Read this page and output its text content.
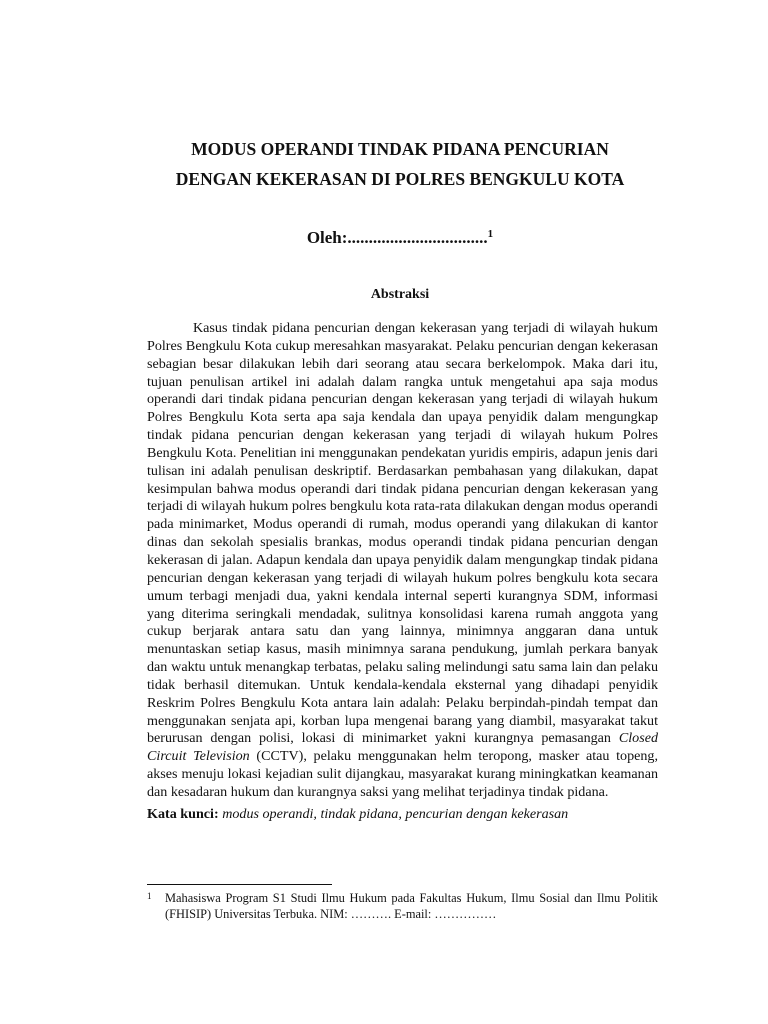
MODUS OPERANDI TINDAK PIDANA PENCURIAN
DENGAN KEKERASAN DI POLRES BENGKULU KOTA
Oleh:.................................$^1$
Abstraksi

Kasus tindak pidana pencurian dengan kekerasan yang terjadi di wilayah hukum Polres Bengkulu Kota cukup meresahkan masyarakat. Pelaku pencurian dengan kekerasan sebagian besar dilakukan lebih dari seorang atau secara berkelompok. Maka dari itu, tujuan penulisan artikel ini adalah dalam rangka untuk mengetahui apa saja modus operandi dari tindak pidana pencurian dengan kekerasan yang terjadi di wilayah hukum Polres Bengkulu Kota serta apa saja kendala dan upaya penyidik dalam mengungkap tindak pidana pencurian dengan kekerasan yang terjadi di wilayah hukum Polres Bengkulu Kota. Penelitian ini menggunakan pendekatan yuridis empiris, adapun jenis dari tulisan ini adalah penulisan deskriptif. Berdasarkan pembahasan yang dilakukan, dapat kesimpulan bahwa modus operandi dari tindak pidana pencurian dengan kekerasan yang terjadi di wilayah hukum polres bengkulu kota rata-rata dilakukan dengan modus operandi pada minimarket, Modus operandi di rumah, modus operandi yang dilakukan di kantor dinas dan sekolah spesialis brankas, modus operandi tindak pidana pencurian dengan kekerasan di jalan. Adapun kendala dan upaya penyidik dalam mengungkap tindak pidana pencurian dengan kekerasan yang terjadi di wilayah hukum polres bengkulu kota secara umum terbagi menjadi dua, yakni kendala internal seperti kurangnya SDM, informasi yang diterima seringkali mendadak, sulitnya konsolidasi karena rumah anggota yang cukup berjarak antara satu dan yang lainnya, minimnya anggaran dana untuk menuntaskan setiap kasus, masih minimnya sarana pendukung, jumlah perkara banyak dan waktu untuk menangkap terbatas, pelaku saling melindungi satu sama lain dan pelaku tidak berhasil ditemukan. Untuk kendala-kendala eksternal yang dihadapi penyidik Reskrim Polres Bengkulu Kota antara lain adalah: Pelaku berpindah-pindah tempat dan menggunakan senjata api, korban lupa mengenai barang yang diambil, masyarakat takut berurusan dengan polisi, lokasi di minimarket yakni kurangnya pemasangan Closed Circuit Television (CCTV), pelaku menggunakan helm teropong, masker atau topeng, akses menuju lokasi kejadian sulit dijangkau, masyarakat kurang miningkatkan keamanan dan kesadaran hukum dan kurangnya saksi yang melihat terjadinya tindak pidana.

Kata kunci: modus operandi, tindak pidana, pencurian dengan kekerasan

1 Mahasiswa Program S1 Studi Ilmu Hukum pada Fakultas Hukum, Ilmu Sosial dan Ilmu Politik (FHISIP) Universitas Terbuka. NIM: ………. E-mail: ……………
